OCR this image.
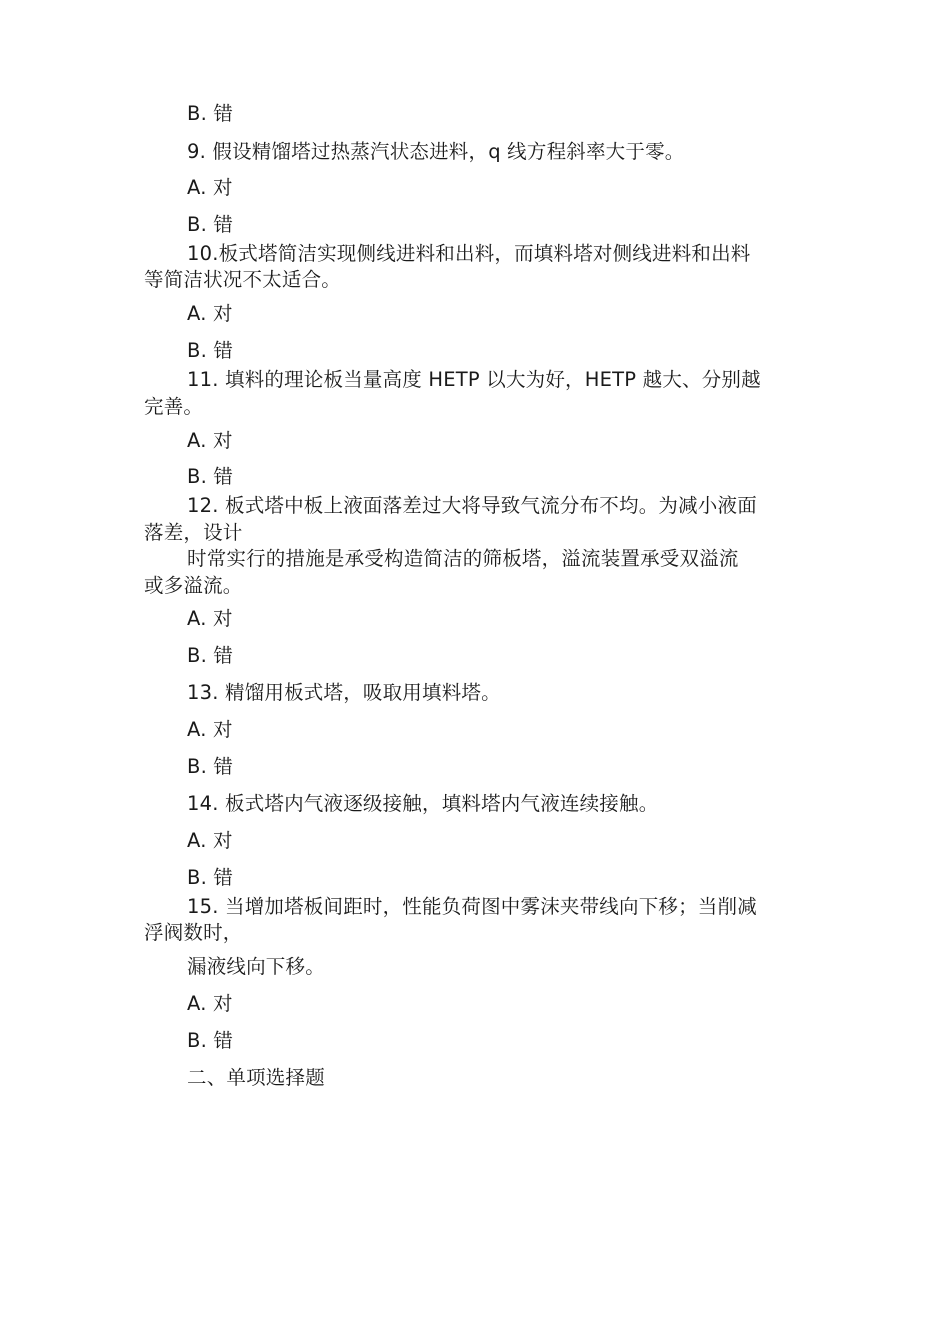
B. 错
9. 假设精馏塔过热蒸汽状态进料，q 线方程斜率大于零。
A. 对
B. 错
10.板式塔简洁实现侧线进料和出料，而填料塔对侧线进料和出料
等简洁状况不太适合。
A. 对
B. 错
11. 填料的理论板当量高度 HETP 以大为好，HETP 越大、分别越
完善。
A. 对
B. 错
12. 板式塔中板上液面落差过大将导致气流分布不均。为减小液面
落差，设计
时常实行的措施是承受构造简洁的筛板塔，溢流装置承受双溢流
或多溢流。
A. 对
B. 错
13. 精馏用板式塔，吸取用填料塔。
A. 对
B. 错
14. 板式塔内气液逐级接触，填料塔内气液连续接触。
A. 对
B. 错
15. 当增加塔板间距时，性能负荷图中雾沫夹带线向下移；当削减
浮阀数时，
漏液线向下移。
A. 对
B. 错
二、单项选择题
